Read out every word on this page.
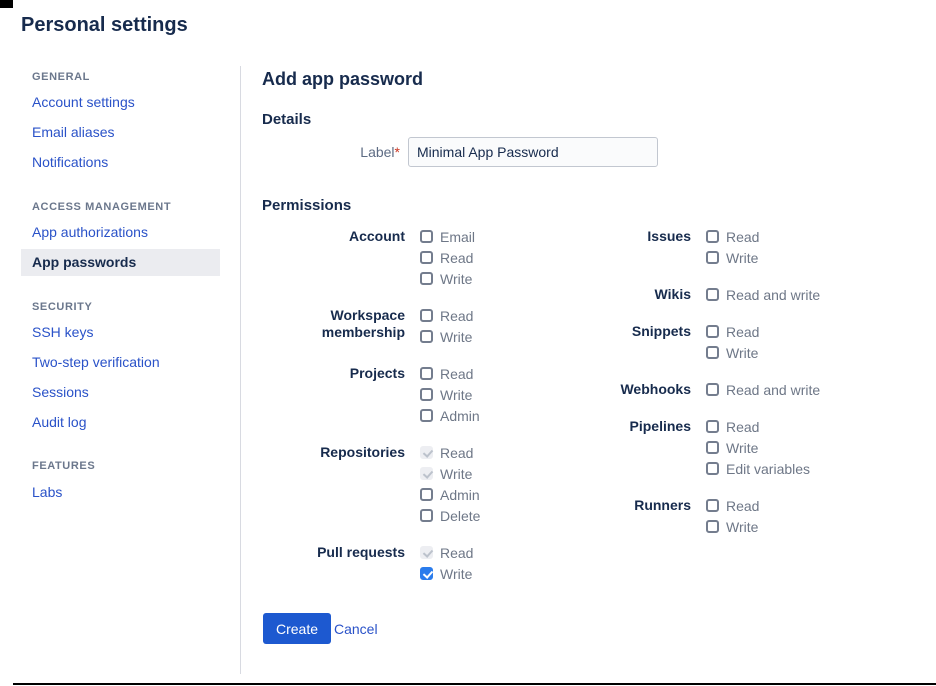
Personal settings
GENERAL
Account settings
Email aliases
Notifications
ACCESS MANAGEMENT
App authorizations
App passwords
SECURITY
SSH keys
Two-step verification
Sessions
Audit log
FEATURES
Labs
Add app password
Details
Label*
Minimal App Password
Permissions
Account	Email
Read
Write
Workspace membership
Read
Write
Projects	Read
Write
Admin
Repositories	Read
Write
Admin
Delete
Pull requests	Read
Write
Issues	Read
Write
Wikis	Read and write
Snippets	Read
Write
Webhooks	Read and write
Pipelines	Read
Write
Edit variables
Runners	Read
Write
Create	Cancel
